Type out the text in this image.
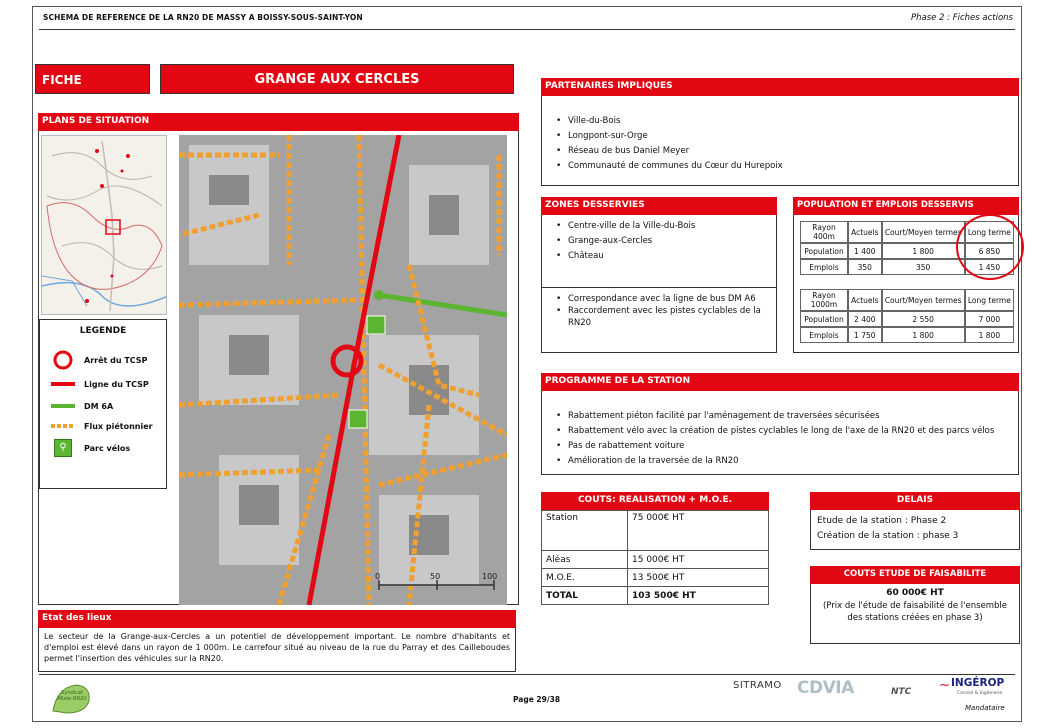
SCHEMA DE REFERENCE DE LA RN20 DE MASSY A BOISSY-SOUS-SAINT-YON	Phase 2 : Fiches actions
FICHE STATION 9
GRANGE AUX CERCLES
PLANS DE SITUATION
LEGENDE
Arrêt du TCSP
Ligne du TCSP
DM 6A
Flux piétonnier
⚲	Parc vélos
0	50	100
Etat des lieux

Le secteur de la Grange-aux-Cercles a un potentiel de développement important. Le nombre d'habitants et d'emploi est élevé dans un rayon de 1 000m. Le carrefour situé au niveau de la rue du Parray et des Cailleboudes permet l'insertion des véhicules sur la RN20.

PARTENAIRES IMPLIQUES
• Ville-du-Bois
• Longpont-sur-Orge
• Réseau de bus Daniel Meyer
• Communauté de communes du Cœur du Hurepoix
ZONES DESSERVIES
• Centre-ville de la Ville-du-Bois
• Grange-aux-Cercles
• Château
• Correspondance avec la ligne de bus DM A6
• Raccordement avec les pistes cyclables de la RN20
POPULATION ET EMPLOIS DESSERVIS
Rayon 400m	Actuels	Court/Moyen termes	Long terme
Population	1 400	1 800	6 850
Emplois	350	350	1 450
Rayon 1000m	Actuels	Court/Moyen termes	Long terme
Population	2 400	2 550	7 000
Emplois	1 750	1 800	1 800
PROGRAMME DE LA STATION
• Rabattement piéton facilité par l'aménagement de traversées sécurisées
• Rabattement vélo avec la création de pistes cyclables le long de l'axe de la RN20 et des parcs vélos
• Pas de rabattement voiture
• Amélioration de la traversée de la RN20
COUTS: REALISATION + M.O.E.
Station	75 000€ HT
Aléas	15 000€ HT
M.O.E.	13 500€ HT
TOTAL	103 500€ HT
DELAIS
Etude de la station : Phase 2
Création de la station : phase 3
COUTS ETUDE DE FAISABILITE
60 000€ HT
(Prix de l'étude de faisabilité de l'ensemble des stations créées en phase 3)
Syndicat Mixte RN20	Page 29/38
SITRAMO CDVIA	NTC ~ INGÉROP
Conseil & Ingénierie
Mandataire
